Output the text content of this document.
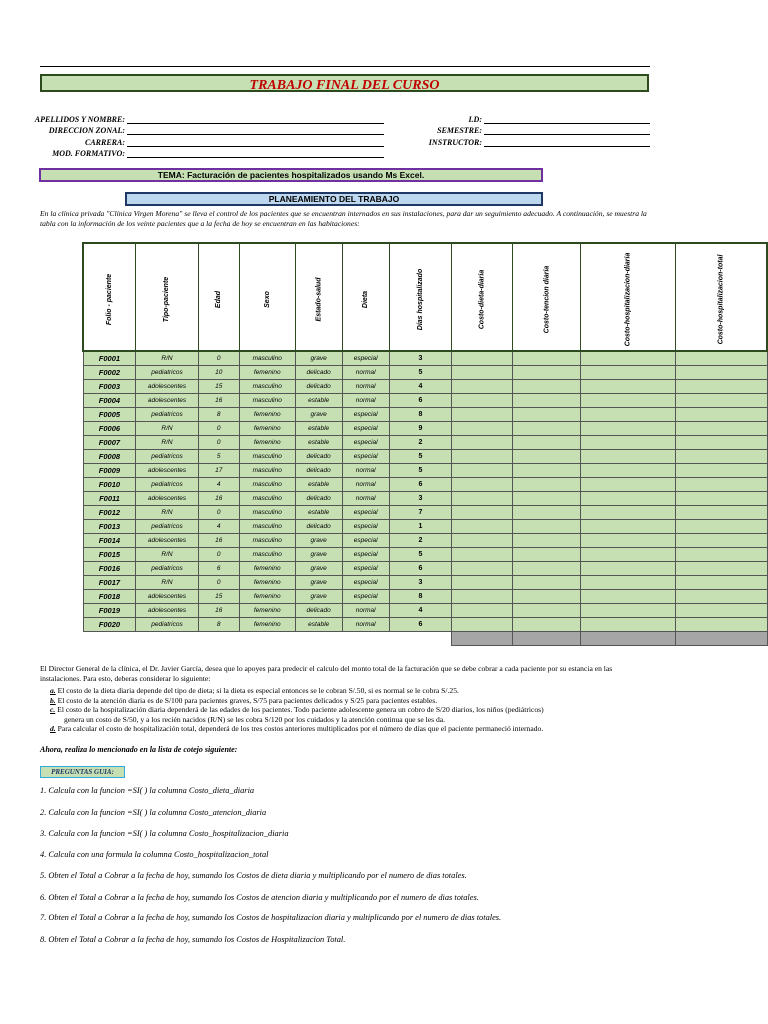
TRABAJO FINAL DEL CURSO
APELLIDOS Y NOMBRE:
DIRECCION ZONAL:
CARRERA:
MOD. FORMATIVO:
I.D:
SEMESTRE:
INSTRUCTOR:
TEMA: Facturación de pacientes hospitalizados usando Ms Excel.
PLANEAMIENTO DEL TRABAJO
En la clínica privada "Clínica Virgen Morena" se lleva el control de los pacientes que se encuentran internados en sus instalaciones, para dar un seguimiento adecuado. A continuación, se muestra la tabla con la información de los veinte pacientes que a la fecha de hoy se encuentran en las habitaciones:
Folio - paciente	Tipo-paciente	Edad	Sexo	Estado-salud	Dieta	Días hospitalizado	Costo-dieta-diaria	Costo-tencion diaria	Costo-hospitalizacion-diaria	Costo-hospitalizacion-total
F0001	R/N	0	masculino	grave	especial	3				
F0002	pediatricos	10	femenino	delicado	normal	5				
F0003	adolescentes	15	masculino	delicado	normal	4				
F0004	adolescentes	16	masculino	estable	normal	6				
F0005	pediatricos	8	femenino	grave	especial	8				
F0006	R/N	0	femenino	estable	especial	9				
F0007	R/N	0	femenino	estable	especial	2				
F0008	pediatricos	5	masculino	delicado	especial	5				
F0009	adolescentes	17	masculino	delicado	normal	5				
F0010	pediatricos	4	masculino	estable	normal	6				
F0011	adolescentes	16	masculino	delicado	normal	3				
F0012	R/N	0	masculino	estable	especial	7				
F0013	pediatricos	4	masculino	delicado	especial	1				
F0014	adolescentes	16	masculino	grave	especial	2				
F0015	R/N	0	masculino	grave	especial	5				
F0016	pediatricos	6	femenino	grave	especial	6				
F0017	R/N	0	femenino	grave	especial	3				
F0018	adolescentes	15	femenino	grave	especial	8				
F0019	adolescentes	16	femenino	delicado	normal	4				
F0020	pediatricos	8	femenino	estable	normal	6				

El Director General de la clínica, el Dr. Javier García, desea que lo apoyes para predecir el calculo del monto total de la facturación que se debe cobrar a cada paciente por su estancia en las instalaciones. Para esto, deberas considerar lo siguiente:
a. El costo de la dieta diaria depende del tipo de dieta; si la dieta es especial entonces se le cobran S/.50, si es normal se le cobra S/.25.
b. El costo de la atención diaria es de S/100 para pacientes graves, S/75 para pacientes delicados y S/25 para pacientes estables.
c. El costo de la hospitalización diaria dependerá de las edades de los pacientes. Todo paciente adolescente genera un cobro de S/20 diarios, los niños (pediátricos)
genera un costo de S/50, y a los recién nacidos (R/N) se les cobra S/120 por los cuidados y la atención continua que se les da.
d. Para calcular el costo de hospitalización total, dependerá de los tres costos anteriores multiplicados por el número de días que el paciente permaneció internado.
Ahora, realiza lo mencionado en la lista de cotejo siguiente:
PREGUNTAS GUIA:
1. Calcula con la funcion =SI( ) la columna Costo_dieta_diaria
2. Calcula con la funcion =SI( ) la columna Costo_atencion_diaria
3. Calcula con la funcion =SI( ) la columna Costo_hospitalizacion_diaria
4. Calcula con una formula la columna Costo_hospitalizacion_total
5. Obten el Total a Cobrar a la fecha de hoy, sumando los Costos de dieta diaria y multiplicando por el numero de dias totales.
6. Obten el Total a Cobrar a la fecha de hoy, sumando los Costos de atencion diaria y multiplicando por el numero de dias totales.
7. Obten el Total a Cobrar a la fecha de hoy, sumando los Costos de hospitalizacion diaria y multiplicando por el numero de dias totales.
8. Obten el Total a Cobrar a la fecha de hoy, sumando los Costos de Hospitalizacion Total.
